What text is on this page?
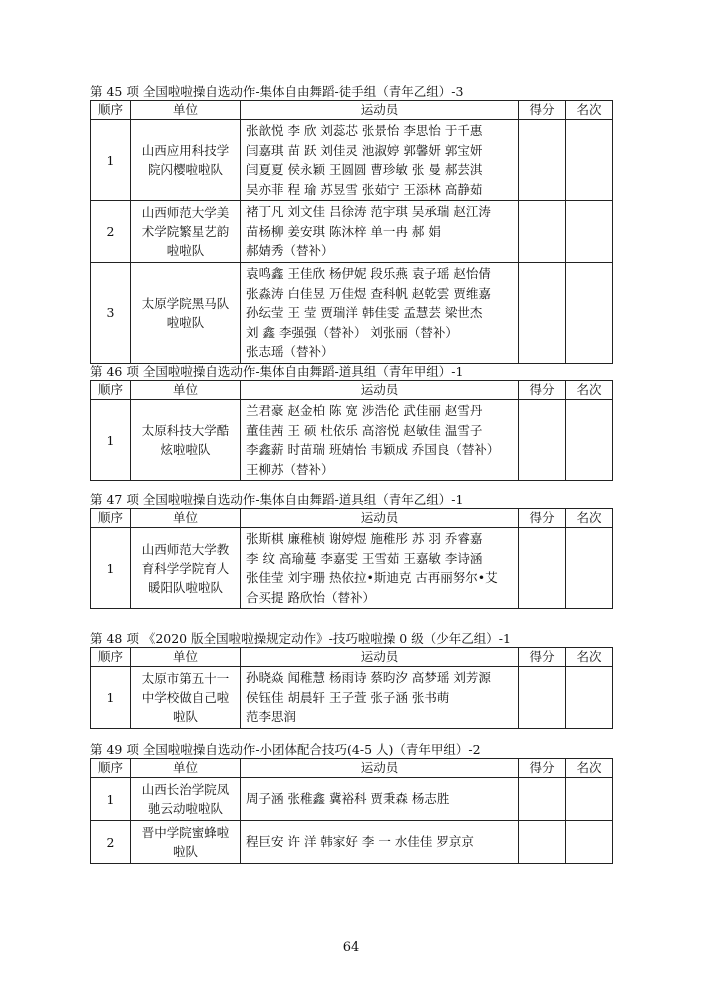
第 45 项 全国啦啦操自选动作-集体自由舞蹈-徒手组（青年乙组）-3
顺序	单位	运动员	得分	名次
1	山西应用科技学院闪樱啦啦队	张歆悦 李 欣 刘蕊芯 张景怡 李思怡 于千惠
闫嘉琪 苗 跃 刘佳灵 池淑婷 郭馨妍 郭宝妍
闫夏夏 侯永颖 王圆圆 曹珍敏 张 曼 郝芸淇
吴亦菲 程 瑜 苏昱雪 张茹宁 王添林 高静茹		

2	山西师范大学美术学院繁星艺韵啦啦队	褚丁凡 刘文佳 吕徐涛 范宇琪 吴承瑞 赵江涛
苗杨柳 姜安琪 陈沐梓 单一冉 郝 娟
郝婧秀（替补）		

3	太原学院黑马队啦啦队	袁鸣鑫 王佳欣 杨伊妮 段乐燕 袁子瑶 赵怡倩
张淼涛 白佳昱 万佳煜 查科帆 赵乾雲 贾维嘉
孙纭莹 王 莹 贾瑞洋 韩佳雯 孟慧芸 梁世杰
刘 鑫 李强强（替补） 刘张丽（替补）
张志瑶（替补）		

第 46 项 全国啦啦操自选动作-集体自由舞蹈-道具组（青年甲组）-1
顺序	单位	运动员	得分	名次
1	太原科技大学酷炫啦啦队	兰君豪 赵金柏 陈 宽 涉浩伦 武佳丽 赵雪丹
董佳茜 王 硕 杜依乐 高溶悦 赵敏佳 温雪子
李鑫薪 时苗瑞 班婧怡 韦颖成 乔国良（替补）
王柳苏（替补）		

第 47 项 全国啦啦操自选动作-集体自由舞蹈-道具组（青年乙组）-1
顺序	单位	运动员	得分	名次
1	山西师范大学教育科学学院育人暖阳队啦啦队	张斯棋 廉稚桢 谢婷煜 施稚彤 苏 羽 乔睿嘉
李 纹 高瑜蔓 李嘉雯 王雪茹 王嘉敏 李诗涵
张佳莹 刘宇珊 热依拉•斯迪克 古再丽努尔•艾
合买提 路欣怡（替补）		

第 48 项 《2020 版全国啦啦操规定动作》-技巧啦啦操 0 级（少年乙组）-1
顺序	单位	运动员	得分	名次
1	太原市第五十一中学校做自己啦啦队	孙晓焱 闻稚慧 杨雨诗 蔡昀汐 高梦瑶 刘芳源
侯钰佳 胡晨轩 王子萱 张子涵 张书萌
范李思润		

第 49 项 全国啦啦操自选动作-小团体配合技巧(4-5 人)（青年甲组）-2
顺序	单位	运动员	得分	名次
1	山西长治学院凤驰云动啦啦队	周子涵 张稚鑫 冀裕科 贾秉森 杨志胜		

2	晋中学院蜜蜂啦啦队	程巨安 许 洋 韩家好 李 一 水佳佳 罗京京		

64
